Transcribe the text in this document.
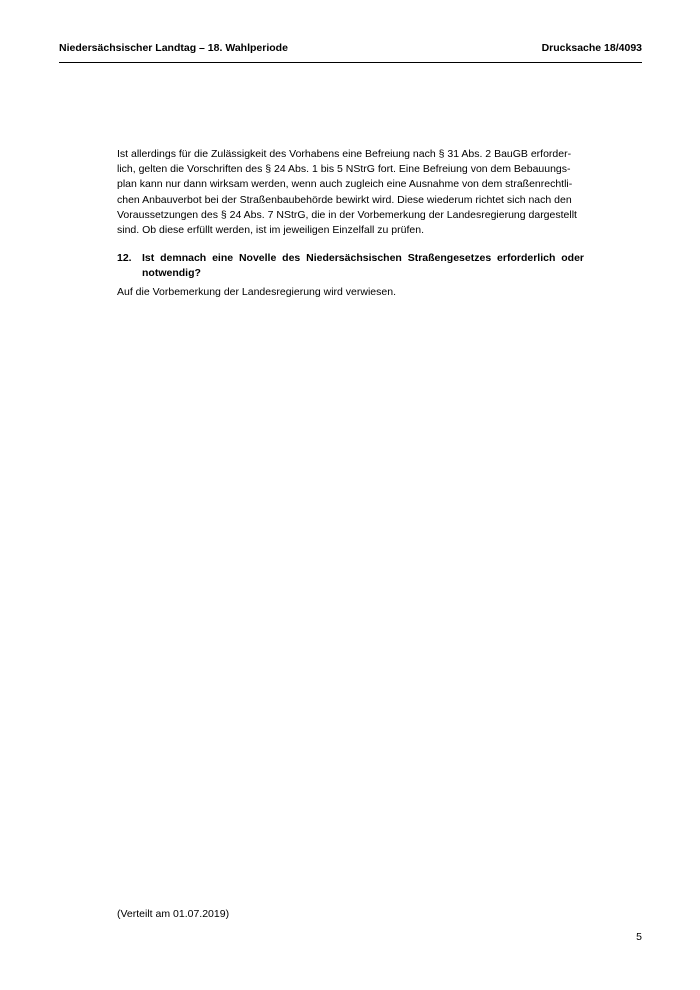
Niedersächsischer Landtag – 18. Wahlperiode	Drucksache 18/4093
Ist allerdings für die Zulässigkeit des Vorhabens eine Befreiung nach § 31 Abs. 2 BauGB erforder-
lich, gelten die Vorschriften des § 24 Abs. 1 bis 5 NStrG fort. Eine Befreiung von dem Bebauungs-
plan kann nur dann wirksam werden, wenn auch zugleich eine Ausnahme von dem straßenrechtli-
chen Anbauverbot bei der Straßenbaubehörde bewirkt wird. Diese wiederum richtet sich nach den
Voraussetzungen des § 24 Abs. 7 NStrG, die in der Vorbemerkung der Landesregierung dargestellt
sind. Ob diese erfüllt werden, ist im jeweiligen Einzelfall zu prüfen.
12. Ist demnach eine Novelle des Niedersächsischen Straßengesetzes erforderlich oder notwendig?

Auf die Vorbemerkung der Landesregierung wird verwiesen.

(Verteilt am 01.07.2019)
5
